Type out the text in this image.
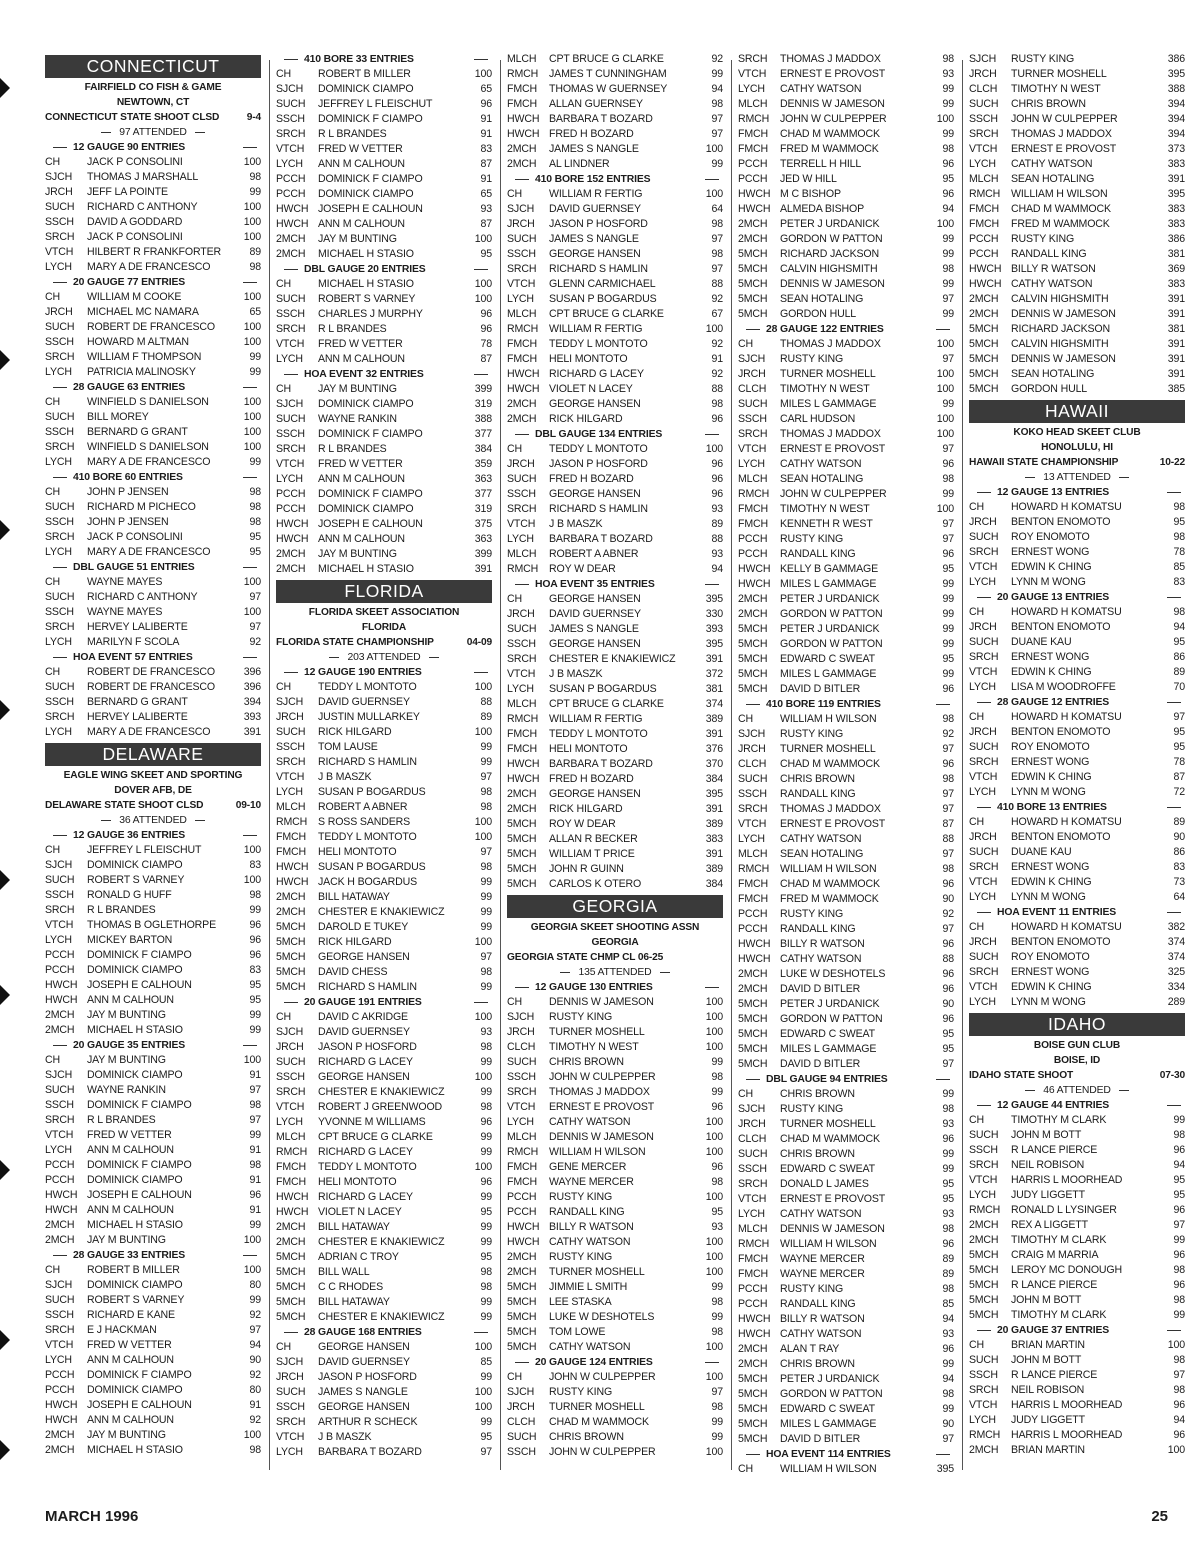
CONNECTICUT
FAIRFIELD CO FISH & GAME
NEWTOWN, CT
CONNECTICUT STATE SHOOT CLSD	9-4
97 ATTENDED
12 GAUGE 90 ENTRIES
CH	JACK P CONSOLINI	100
SJCH	THOMAS J MARSHALL	98
JRCH	JEFF LA POINTE	99
SUCH	RICHARD C ANTHONY	100
SSCH	DAVID A GODDARD	100
SRCH	JACK P CONSOLINI	100
VTCH	HILBERT R FRANKFORTER	89
LYCH	MARY A DE FRANCESCO	98
20 GAUGE 77 ENTRIES
CH	WILLIAM M COOKE	100
JRCH	MICHAEL MC NAMARA	65
SUCH	ROBERT DE FRANCESCO	100
SSCH	HOWARD M ALTMAN	100
SRCH	WILLIAM F THOMPSON	99
LYCH	PATRICIA MALINOSKY	99
28 GAUGE 63 ENTRIES
CH	WINFIELD S DANIELSON	100
SUCH	BILL MOREY	100
SSCH	BERNARD G GRANT	100
SRCH	WINFIELD S DANIELSON	100
LYCH	MARY A DE FRANCESCO	99
410 BORE 60 ENTRIES
CH	JOHN P JENSEN	98
SUCH	RICHARD M PICHECO	98
SSCH	JOHN P JENSEN	98
SRCH	JACK P CONSOLINI	95
LYCH	MARY A DE FRANCESCO	95
DBL GAUGE 51 ENTRIES
CH	WAYNE MAYES	100
SUCH	RICHARD C ANTHONY	97
SSCH	WAYNE MAYES	100
SRCH	HERVEY LALIBERTE	97
LYCH	MARILYN F SCOLA	92
HOA EVENT 57 ENTRIES
CH	ROBERT DE FRANCESCO	396
SUCH	ROBERT DE FRANCESCO	396
SSCH	BERNARD G GRANT	394
SRCH	HERVEY LALIBERTE	393
LYCH	MARY A DE FRANCESCO	391
DELAWARE
EAGLE WING SKEET AND SPORTING
DOVER AFB, DE
DELAWARE STATE SHOOT CLSD	09-10
36 ATTENDED
12 GAUGE 36 ENTRIES
CH	JEFFREY L FLEISCHUT	100
SJCH	DOMINICK CIAMPO	83
SUCH	ROBERT S VARNEY	100
SSCH	RONALD G HUFF	98
SRCH	R L BRANDES	99
VTCH	THOMAS B OGLETHORPE	96
LYCH	MICKEY BARTON	96
PCCH	DOMINICK F CIAMPO	96
PCCH	DOMINICK CIAMPO	83
HWCH JOSEPH E CALHOUN	95
HWCH ANN M CALHOUN	95
2MCH	JAY M BUNTING	99
2MCH	MICHAEL H STASIO	99
20 GAUGE 35 ENTRIES
CH	JAY M BUNTING	100
SJCH	DOMINICK CIAMPO	91
SUCH	WAYNE RANKIN	97
SSCH	DOMINICK F CIAMPO	98
SRCH	R L BRANDES	97
VTCH	FRED W VETTER	99
LYCH	ANN M CALHOUN	91
PCCH	DOMINICK F CIAMPO	98
PCCH	DOMINICK CIAMPO	91
HWCH JOSEPH E CALHOUN	96
HWCH ANN M CALHOUN	91
2MCH	MICHAEL H STASIO	99
2MCH	JAY M BUNTING	100
28 GAUGE 33 ENTRIES
CH	ROBERT B MILLER	100
SJCH	DOMINICK CIAMPO	80
SUCH	ROBERT S VARNEY	99
SSCH	RICHARD E KANE	92
SRCH	E J HACKMAN	97
VTCH	FRED W VETTER	94
LYCH	ANN M CALHOUN	90
PCCH	DOMINICK F CIAMPO	92
PCCH	DOMINICK CIAMPO	80
HWCH JOSEPH E CALHOUN	91
HWCH ANN M CALHOUN	92
2MCH	JAY M BUNTING	100
2MCH	MICHAEL H STASIO	98
410 BORE 33 ENTRIES
CH	ROBERT B MILLER	100
SJCH	DOMINICK CIAMPO	65
SUCH	JEFFREY L FLEISCHUT	96
SSCH	DOMINICK F CIAMPO	91
SRCH	R L BRANDES	91
VTCH	FRED W VETTER	83
LYCH	ANN M CALHOUN	87
PCCH	DOMINICK F CIAMPO	91
PCCH	DOMINICK CIAMPO	65
HWCH JOSEPH E CALHOUN	93
HWCH ANN M CALHOUN	87
2MCH	JAY M BUNTING	100
2MCH	MICHAEL H STASIO	95
DBL GAUGE 20 ENTRIES
CH	MICHAEL H STASIO	100
SUCH	ROBERT S VARNEY	100
SSCH	CHARLES J MURPHY	96
SRCH	R L BRANDES	96
VTCH	FRED W VETTER	78
LYCH	ANN M CALHOUN	87
HOA EVENT 32 ENTRIES
CH	JAY M BUNTING	399
SJCH	DOMINICK CIAMPO	319
SUCH	WAYNE RANKIN	388
SSCH	DOMINICK F CIAMPO	377
SRCH	R L BRANDES	384
VTCH	FRED W VETTER	359
LYCH	ANN M CALHOUN	363
PCCH	DOMINICK F CIAMPO	377
PCCH	DOMINICK CIAMPO	319
HWCH JOSEPH E CALHOUN	375
HWCH ANN M CALHOUN	363
2MCH	JAY M BUNTING	399
2MCH	MICHAEL H STASIO	391
FLORIDA
FLORIDA SKEET ASSOCIATION
FLORIDA
FLORIDA STATE CHAMPIONSHIP	04-09
203 ATTENDED
12 GAUGE 190 ENTRIES
CH	TEDDY L MONTOTO	100
SJCH	DAVID GUERNSEY	88
JRCH	JUSTIN MULLARKEY	89
SUCH	RICK HILGARD	100
SSCH	TOM LAUSE	99
SRCH	RICHARD S HAMLIN	99
VTCH	J B MASZK	97
LYCH	SUSAN P BOGARDUS	98
MLCH	ROBERT A ABNER	98
RMCH	S ROSS SANDERS	100
FMCH	TEDDY L MONTOTO	100
FMCH	HELI MONTOTO	97
HWCH SUSAN P BOGARDUS	98
HWCH JACK H BOGARDUS	99
2MCH	BILL HATAWAY	99
2MCH	CHESTER E KNAKIEWICZ	99
5MCH	DAROLD E TUKEY	99
5MCH	RICK HILGARD	100
5MCH	GEORGE HANSEN	97
5MCH	DAVID CHESS	98
5MCH	RICHARD S HAMLIN	99
20 GAUGE 191 ENTRIES
CH	DAVID C AKRIDGE	100
SJCH	DAVID GUERNSEY	93
JRCH	JASON P HOSFORD	98
SUCH	RICHARD G LACEY	99
SSCH	GEORGE HANSEN	100
SRCH	CHESTER E KNAKIEWICZ	99
VTCH	ROBERT J GREENWOOD	98
LYCH	YVONNE M WILLIAMS	96
MLCH	CPT BRUCE G CLARKE	99
RMCH	RICHARD G LACEY	99
FMCH	TEDDY L MONTOTO	100
FMCH	HELI MONTOTO	96
HWCH RICHARD G LACEY	99
HWCH VIOLET N LACEY	95
2MCH	BILL HATAWAY	99
2MCH	CHESTER E KNAKIEWICZ	99
5MCH	ADRIAN C TROY	95
5MCH	BILL WALL	98
5MCH	C C RHODES	98
5MCH	BILL HATAWAY	99
5MCH	CHESTER E KNAKIEWICZ	99
28 GAUGE 168 ENTRIES
CH	GEORGE HANSEN	100
SJCH	DAVID GUERNSEY	85
JRCH	JASON P HOSFORD	99
SUCH	JAMES S NANGLE	100
SSCH	GEORGE HANSEN	100
SRCH	ARTHUR R SCHECK	99
VTCH	J B MASZK	95
LYCH	BARBARA T BOZARD	97
MLCH	CPT BRUCE G CLARKE	92
RMCH	JAMES T CUNNINGHAM	99
FMCH	THOMAS W GUERNSEY	94
FMCH	ALLAN GUERNSEY	98
HWCH BARBARA T BOZARD	97
HWCH FRED H BOZARD	97
2MCH	JAMES S NANGLE	100
2MCH	AL LINDNER	99
410 BORE 152 ENTRIES
CH	WILLIAM R FERTIG	100
SJCH	DAVID GUERNSEY	64
JRCH	JASON P HOSFORD	98
SUCH	JAMES S NANGLE	97
SSCH	GEORGE HANSEN	98
SRCH	RICHARD S HAMLIN	97
VTCH	GLENN CARMICHAEL	88
LYCH	SUSAN P BOGARDUS	92
MLCH	CPT BRUCE G CLARKE	67
RMCH	WILLIAM R FERTIG	100
FMCH	TEDDY L MONTOTO	92
FMCH	HELI MONTOTO	91
HWCH RICHARD G LACEY	92
HWCH VIOLET N LACEY	88
2MCH	GEORGE HANSEN	98
2MCH	RICK HILGARD	96
DBL GAUGE 134 ENTRIES
CH	TEDDY L MONTOTO	100
JRCH	JASON P HOSFORD	96
SUCH	FRED H BOZARD	96
SSCH	GEORGE HANSEN	96
SRCH	RICHARD S HAMLIN	93
VTCH	J B MASZK	89
LYCH	BARBARA T BOZARD	88
MLCH	ROBERT A ABNER	93
RMCH	ROY W DEAR	94
HOA EVENT 35 ENTRIES
CH	GEORGE HANSEN	395
JRCH	DAVID GUERNSEY	330
SUCH	JAMES S NANGLE	393
SSCH	GEORGE HANSEN	395
SRCH	CHESTER E KNAKIEWICZ	391
VTCH	J B MASZK	372
LYCH	SUSAN P BOGARDUS	381
MLCH	CPT BRUCE G CLARKE	374
RMCH	WILLIAM R FERTIG	389
FMCH	TEDDY L MONTOTO	391
FMCH	HELI MONTOTO	376
HWCH BARBARA T BOZARD	370
HWCH FRED H BOZARD	384
2MCH	GEORGE HANSEN	395
2MCH	RICK HILGARD	391
5MCH	ROY W DEAR	389
5MCH	ALLAN R BECKER	383
5MCH	WILLIAM T PRICE	391
5MCH	JOHN R GUINN	389
5MCH	CARLOS K OTERO	384
GEORGIA
GEORGIA SKEET SHOOTING ASSN
GEORGIA
GEORGIA STATE CHMP CL 06-25
135 ATTENDED
12 GAUGE 130 ENTRIES
CH	DENNIS W JAMESON	100
SJCH	RUSTY KING	100
JRCH	TURNER MOSHELL	100
CLCH	TIMOTHY N WEST	100
SUCH	CHRIS BROWN	99
SSCH	JOHN W CULPEPPER	98
SRCH	THOMAS J MADDOX	99
VTCH	ERNEST E PROVOST	96
LYCH	CATHY WATSON	100
MLCH	DENNIS W JAMESON	100
RMCH	WILLIAM H WILSON	100
FMCH	GENE MERCER	96
FMCH	WAYNE MERCER	98
PCCH	RUSTY KING	100
PCCH	RANDALL KING	95
HWCH BILLY R WATSON	93
HWCH CATHY WATSON	100
2MCH	RUSTY KING	100
2MCH	TURNER MOSHELL	100
5MCH	JIMMIE L SMITH	99
5MCH	LEE STASKA	98
5MCH	LUKE W DESHOTELS	99
5MCH	TOM LOWE	98
5MCH	CATHY WATSON	100
20 GAUGE 124 ENTRIES
CH	JOHN W CULPEPPER	100
SJCH	RUSTY KING	97
JRCH	TURNER MOSHELL	98
CLCH	CHAD M WAMMOCK	99
SUCH	CHRIS BROWN	99
SSCH	JOHN W CULPEPPER	100
SRCH	THOMAS J MADDOX	98
VTCH	ERNEST E PROVOST	93
LYCH	CATHY WATSON	99
MLCH	DENNIS W JAMESON	99
RMCH	JOHN W CULPEPPER	100
FMCH	CHAD M WAMMOCK	99
FMCH	FRED M WAMMOCK	98
PCCH	TERRELL H HILL	96
PCCH	JED W HILL	95
HWCH M C BISHOP	96
HWCH ALMEDA BISHOP	94
2MCH	PETER J URDANICK	100
2MCH	GORDON W PATTON	99
5MCH	RICHARD JACKSON	99
5MCH	CALVIN HIGHSMITH	98
5MCH	DENNIS W JAMESON	99
5MCH	SEAN HOTALING	97
5MCH	GORDON HULL	99
28 GAUGE 122 ENTRIES
CH	THOMAS J MADDOX	100
SJCH	RUSTY KING	97
JRCH	TURNER MOSHELL	100
CLCH	TIMOTHY N WEST	100
SUCH	MILES L GAMMAGE	99
SSCH	CARL HUDSON	100
SRCH	THOMAS J MADDOX	100
VTCH	ERNEST E PROVOST	97
LYCH	CATHY WATSON	96
MLCH	SEAN HOTALING	98
RMCH	JOHN W CULPEPPER	99
FMCH	TIMOTHY N WEST	100
FMCH	KENNETH R WEST	97
PCCH	RUSTY KING	97
PCCH	RANDALL KING	96
HWCH KELLY B GAMMAGE	95
HWCH MILES L GAMMAGE	99
2MCH	PETER J URDANICK	99
2MCH	GORDON W PATTON	99
5MCH	PETER J URDANICK	99
5MCH	GORDON W PATTON	99
5MCH	EDWARD C SWEAT	95
5MCH	MILES L GAMMAGE	99
5MCH	DAVID D BITLER	96
410 BORE 119 ENTRIES
CH	WILLIAM H WILSON	98
SJCH	RUSTY KING	92
JRCH	TURNER MOSHELL	97
CLCH	CHAD M WAMMOCK	96
SUCH	CHRIS BROWN	98
SSCH	RANDALL KING	97
SRCH	THOMAS J MADDOX	97
VTCH	ERNEST E PROVOST	87
LYCH	CATHY WATSON	88
MLCH	SEAN HOTALING	97
RMCH	WILLIAM H WILSON	98
FMCH	CHAD M WAMMOCK	96
FMCH	FRED M WAMMOCK	90
PCCH	RUSTY KING	92
PCCH	RANDALL KING	97
HWCH BILLY R WATSON	96
HWCH CATHY WATSON	88
2MCH	LUKE W DESHOTELS	96
2MCH	DAVID D BITLER	96
5MCH	PETER J URDANICK	90
5MCH	GORDON W PATTON	96
5MCH	EDWARD C SWEAT	95
5MCH	MILES L GAMMAGE	95
5MCH	DAVID D BITLER	97
DBL GAUGE 94 ENTRIES
CH	CHRIS BROWN	99
SJCH	RUSTY KING	98
JRCH	TURNER MOSHELL	93
CLCH	CHAD M WAMMOCK	96
SUCH	CHRIS BROWN	99
SSCH	EDWARD C SWEAT	99
SRCH	DONALD L JAMES	95
VTCH	ERNEST E PROVOST	95
LYCH	CATHY WATSON	93
MLCH	DENNIS W JAMESON	98
RMCH	WILLIAM H WILSON	96
FMCH	WAYNE MERCER	89
FMCH	WAYNE MERCER	89
PCCH	RUSTY KING	98
PCCH	RANDALL KING	85
HWCH BILLY R WATSON	94
HWCH CATHY WATSON	93
2MCH	ALAN T RAY	96
2MCH	CHRIS BROWN	99
5MCH	PETER J URDANICK	94
5MCH	GORDON W PATTON	98
5MCH	EDWARD C SWEAT	99
5MCH	MILES L GAMMAGE	90
5MCH	DAVID D BITLER	97
HOA EVENT 114 ENTRIES
CH	WILLIAM H WILSON	395
SJCH	RUSTY KING	386
JRCH	TURNER MOSHELL	395
CLCH	TIMOTHY N WEST	388
SUCH	CHRIS BROWN	394
SSCH	JOHN W CULPEPPER	394
SRCH	THOMAS J MADDOX	394
VTCH	ERNEST E PROVOST	373
LYCH	CATHY WATSON	383
MLCH	SEAN HOTALING	391
RMCH	WILLIAM H WILSON	395
FMCH	CHAD M WAMMOCK	383
FMCH	FRED M WAMMOCK	383
PCCH	RUSTY KING	386
PCCH	RANDALL KING	381
HWCH BILLY R WATSON	369
HWCH CATHY WATSON	383
2MCH	CALVIN HIGHSMITH	391
2MCH	DENNIS W JAMESON	391
5MCH	RICHARD JACKSON	381
5MCH	CALVIN HIGHSMITH	391
5MCH	DENNIS W JAMESON	391
5MCH	SEAN HOTALING	391
5MCH	GORDON HULL	385
HAWAII
KOKO HEAD SKEET CLUB
HONOLULU, HI
HAWAII STATE CHAMPIONSHIP	10-22
13 ATTENDED
12 GAUGE 13 ENTRIES
CH	HOWARD H KOMATSU	98
JRCH	BENTON ENOMOTO	95
SUCH	ROY ENOMOTO	98
SRCH	ERNEST WONG	78
VTCH	EDWIN K CHING	85
LYCH	LYNN M WONG	83
20 GAUGE 13 ENTRIES
CH	HOWARD H KOMATSU	98
JRCH	BENTON ENOMOTO	94
SUCH	DUANE KAU	95
SRCH	ERNEST WONG	86
VTCH	EDWIN K CHING	89
LYCH	LISA M WOODROFFE	70
28 GAUGE 12 ENTRIES
CH	HOWARD H KOMATSU	97
JRCH	BENTON ENOMOTO	95
SUCH	ROY ENOMOTO	95
SRCH	ERNEST WONG	78
VTCH	EDWIN K CHING	87
LYCH	LYNN M WONG	72
410 BORE 13 ENTRIES
CH	HOWARD H KOMATSU	89
JRCH	BENTON ENOMOTO	90
SUCH	DUANE KAU	86
SRCH	ERNEST WONG	83
VTCH	EDWIN K CHING	73
LYCH	LYNN M WONG	64
HOA EVENT 11 ENTRIES
CH	HOWARD H KOMATSU	382
JRCH	BENTON ENOMOTO	374
SUCH	ROY ENOMOTO	374
SRCH	ERNEST WONG	325
VTCH	EDWIN K CHING	334
LYCH	LYNN M WONG	289
IDAHO
BOISE GUN CLUB
BOISE, ID
IDAHO STATE SHOOT	07-30
46 ATTENDED
12 GAUGE 44 ENTRIES
CH	TIMOTHY M CLARK	99
SUCH	JOHN M BOTT	98
SSCH	R LANCE PIERCE	96
SRCH	NEIL ROBISON	94
VTCH	HARRIS L MOORHEAD	95
LYCH	JUDY LIGGETT	95
RMCH	RONALD L LYSINGER	96
2MCH	REX A LIGGETT	97
2MCH	TIMOTHY M CLARK	99
5MCH	CRAIG M MARRIA	96
5MCH	LEROY MC DONOUGH	98
5MCH	R LANCE PIERCE	96
5MCH	JOHN M BOTT	98
5MCH	TIMOTHY M CLARK	99
20 GAUGE 37 ENTRIES
CH	BRIAN MARTIN	100
SUCH	JOHN M BOTT	98
SSCH	R LANCE PIERCE	97
SRCH	NEIL ROBISON	98
VTCH	HARRIS L MOORHEAD	96
LYCH	JUDY LIGGETT	94
RMCH	HARRIS L MOORHEAD	96
2MCH	BRIAN MARTIN	100
MARCH 1996	25
